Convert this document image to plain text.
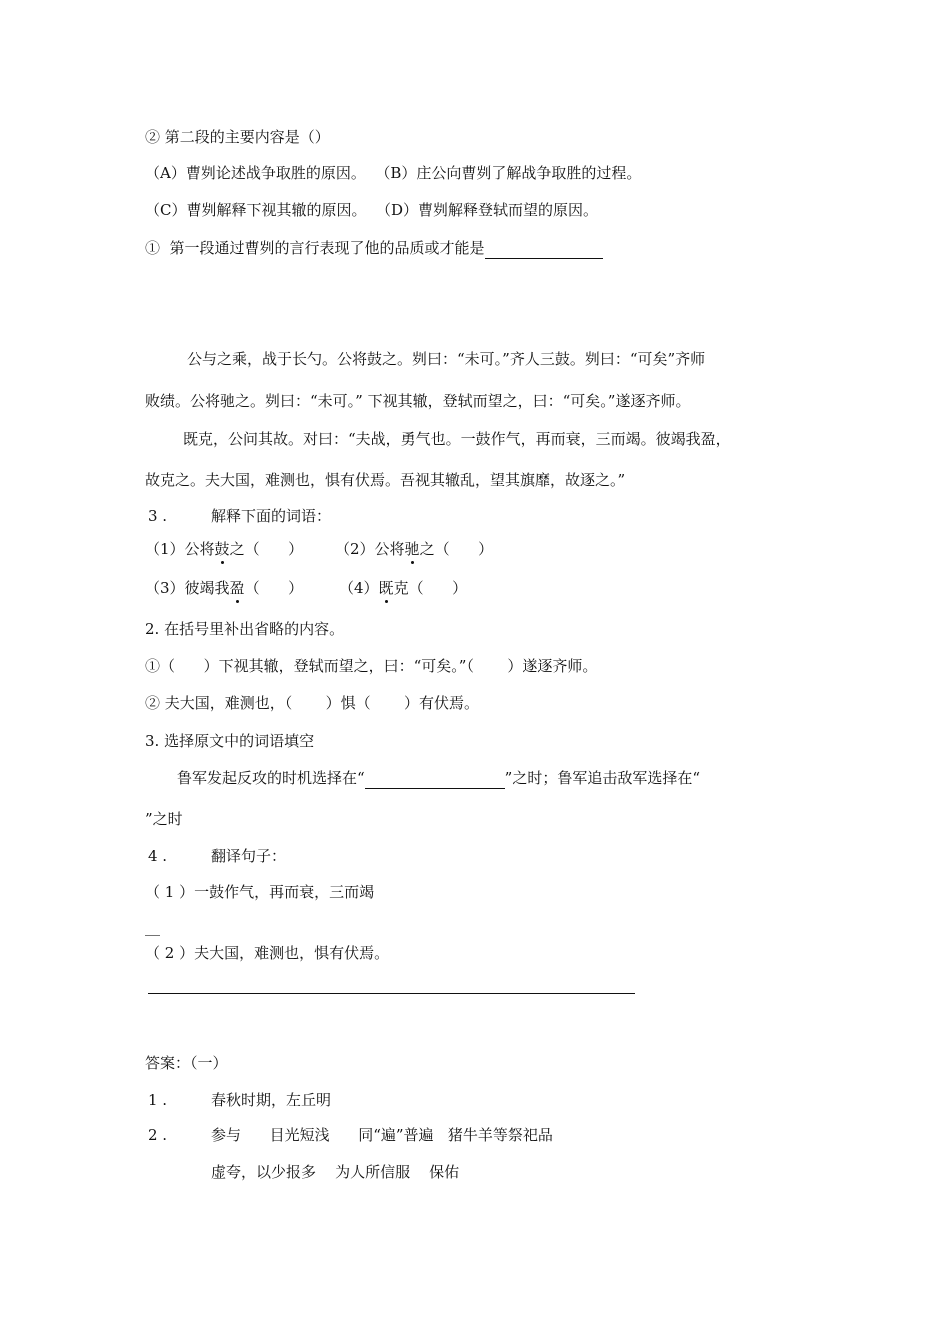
② 第二段的主要内容是（）
（A）曹刿论述战争取胜的原因。  （B）庄公向曹刿了解战争取胜的过程。
（C）曹刿解释下视其辙的原因。  （D）曹刿解释登轼而望的原因。
①  第一段通过曹刿的言行表现了他的品质或才能是
公与之乘，战于长勺。公将鼓之。刿曰：“未可。”齐人三鼓。刿曰：“可矣”齐师
败绩。公将驰之。刿曰：“未可。” 下视其辙，登轼而望之，曰：“可矣。”遂逐齐师。
既克，公问其故。对曰：“夫战，勇气也。一鼓作气，再而衰，三而竭。彼竭我盈，
故克之。夫大国，难测也，惧有伏焉。吾视其辙乱，望其旗靡，故逐之。”
3 .	解释下面的词语：
（1）公将鼓之（      ） （2）公将驰之（      ）
（3）彼竭我盈（      ） （4）既克（      ）
2. 在括号里补出省略的内容。
①（      ）下视其辙，登轼而望之，曰：“可矣。”（       ）遂逐齐师。
② 夫大国，难测也，（       ）惧（       ）有伏焉。
3. 选择原文中的词语填空
鲁军发起反攻的时机选择在“	”之时；鲁军追击敌军选择在“
”之时
4 .	翻译句子：
（ 1 ）一鼓作气，再而衰，三而竭
__
（ 2 ）夫大国，难测也，惧有伏焉。
答案：（一）
1 .	春秋时期，左丘明
2 .	参与      目光短浅      同“遍”普遍   猪牛羊等祭祀品
虚夸，以少报多    为人所信服    保佑
